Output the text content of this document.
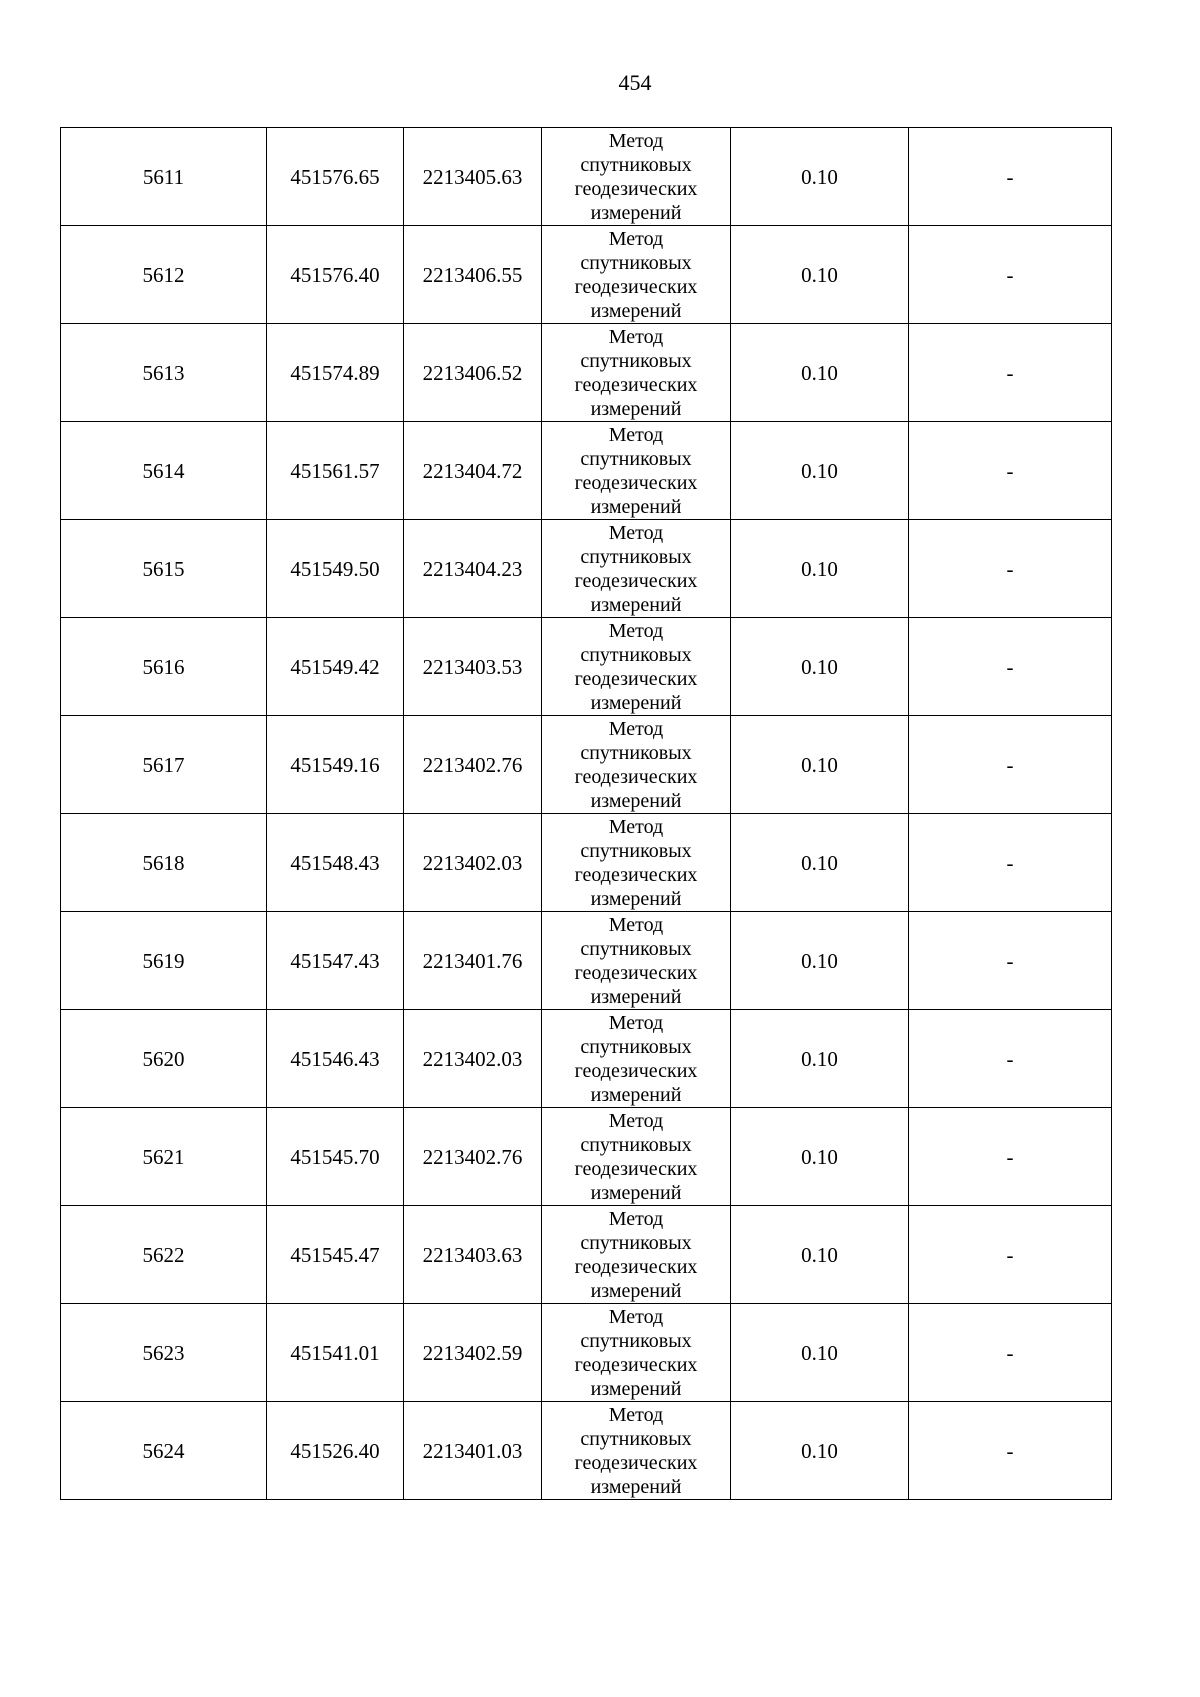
454
5611	451576.65	2213405.63	Метод
спутниковых
геодезических
измерений	0.10	-
5612	451576.40	2213406.55	Метод
спутниковых
геодезических
измерений	0.10	-
5613	451574.89	2213406.52	Метод
спутниковых
геодезических
измерений	0.10	-
5614	451561.57	2213404.72	Метод
спутниковых
геодезических
измерений	0.10	-
5615	451549.50	2213404.23	Метод
спутниковых
геодезических
измерений	0.10	-
5616	451549.42	2213403.53	Метод
спутниковых
геодезических
измерений	0.10	-
5617	451549.16	2213402.76	Метод
спутниковых
геодезических
измерений	0.10	-
5618	451548.43	2213402.03	Метод
спутниковых
геодезических
измерений	0.10	-
5619	451547.43	2213401.76	Метод
спутниковых
геодезических
измерений	0.10	-
5620	451546.43	2213402.03	Метод
спутниковых
геодезических
измерений	0.10	-
5621	451545.70	2213402.76	Метод
спутниковых
геодезических
измерений	0.10	-
5622	451545.47	2213403.63	Метод
спутниковых
геодезических
измерений	0.10	-
5623	451541.01	2213402.59	Метод
спутниковых
геодезических
измерений	0.10	-
5624	451526.40	2213401.03	Метод
спутниковых
геодезических
измерений	0.10	-
